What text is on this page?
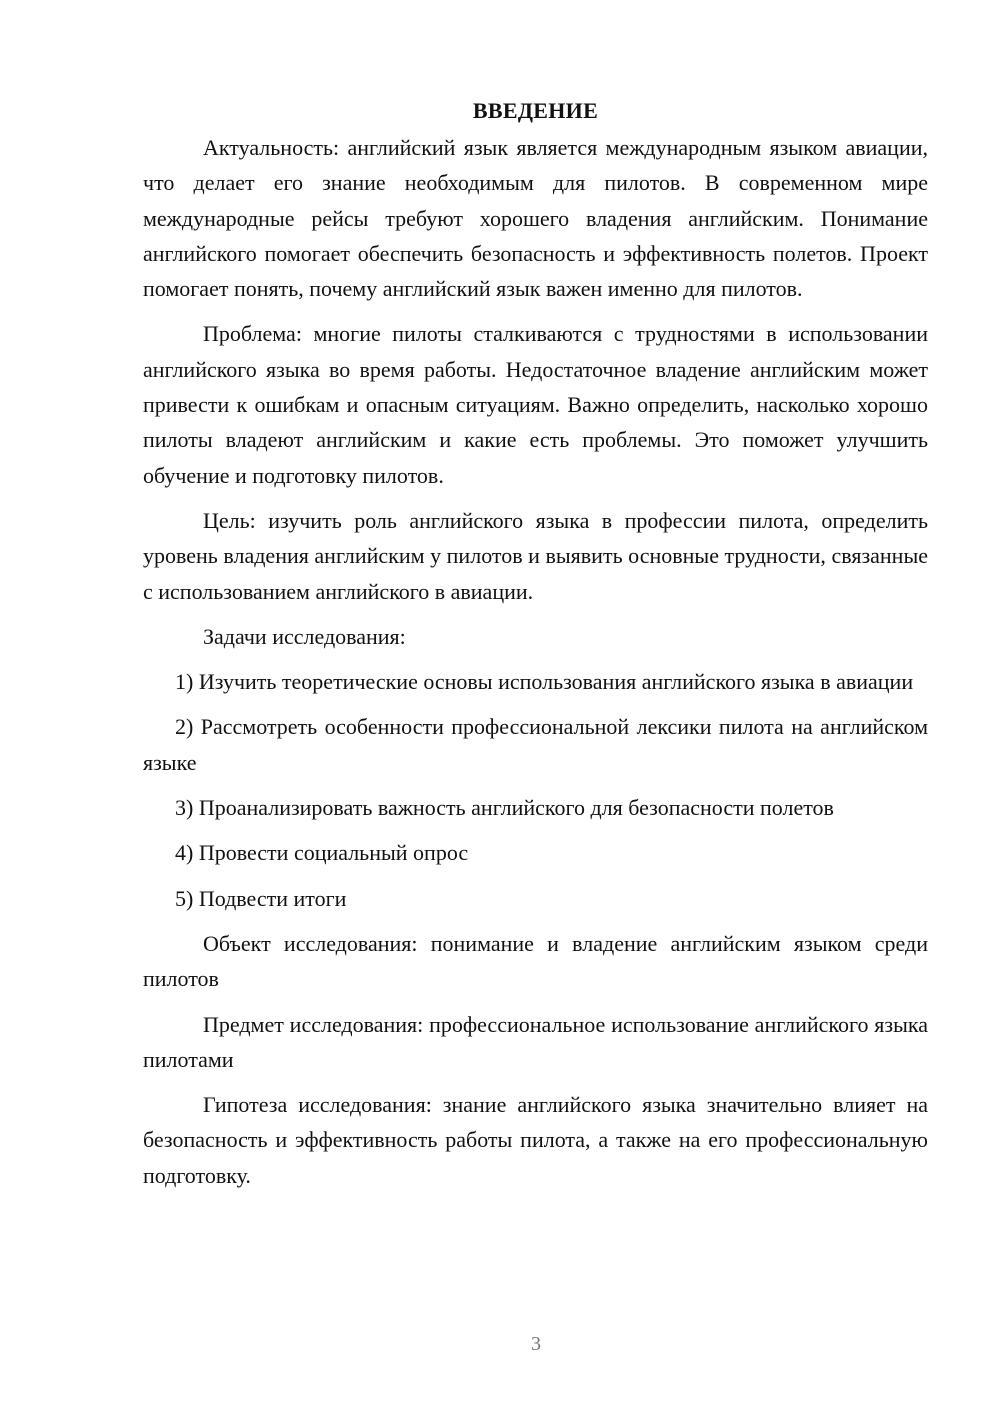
ВВЕДЕНИЕ

Актуальность: английский язык является международным языком авиации, что делает его знание необходимым для пилотов. В современном мире международные рейсы требуют хорошего владения английским. Понимание английского помогает обеспечить безопасность и эффективность полетов. Проект помогает понять, почему английский язык важен именно для пилотов.

Проблема: многие пилоты сталкиваются с трудностями в использовании английского языка во время работы. Недостаточное владение английским может привести к ошибкам и опасным ситуациям. Важно определить, насколько хорошо пилоты владеют английским и какие есть проблемы. Это поможет улучшить обучение и подготовку пилотов.

Цель: изучить роль английского языка в профессии пилота, определить уровень владения английским у пилотов и выявить основные трудности, связанные с использованием английского в авиации.

Задачи исследования:

1) Изучить теоретические основы использования английского языка в авиации

2) Рассмотреть особенности профессиональной лексики пилота на английском языке

3) Проанализировать важность английского для безопасности полетов

4) Провести социальный опрос

5) Подвести итоги

Объект исследования: понимание и владение английским языком среди пилотов

Предмет исследования: профессиональное использование английского языка пилотами

Гипотеза исследования: знание английского языка значительно влияет на безопасность и эффективность работы пилота, а также на его профессиональную подготовку.

3
